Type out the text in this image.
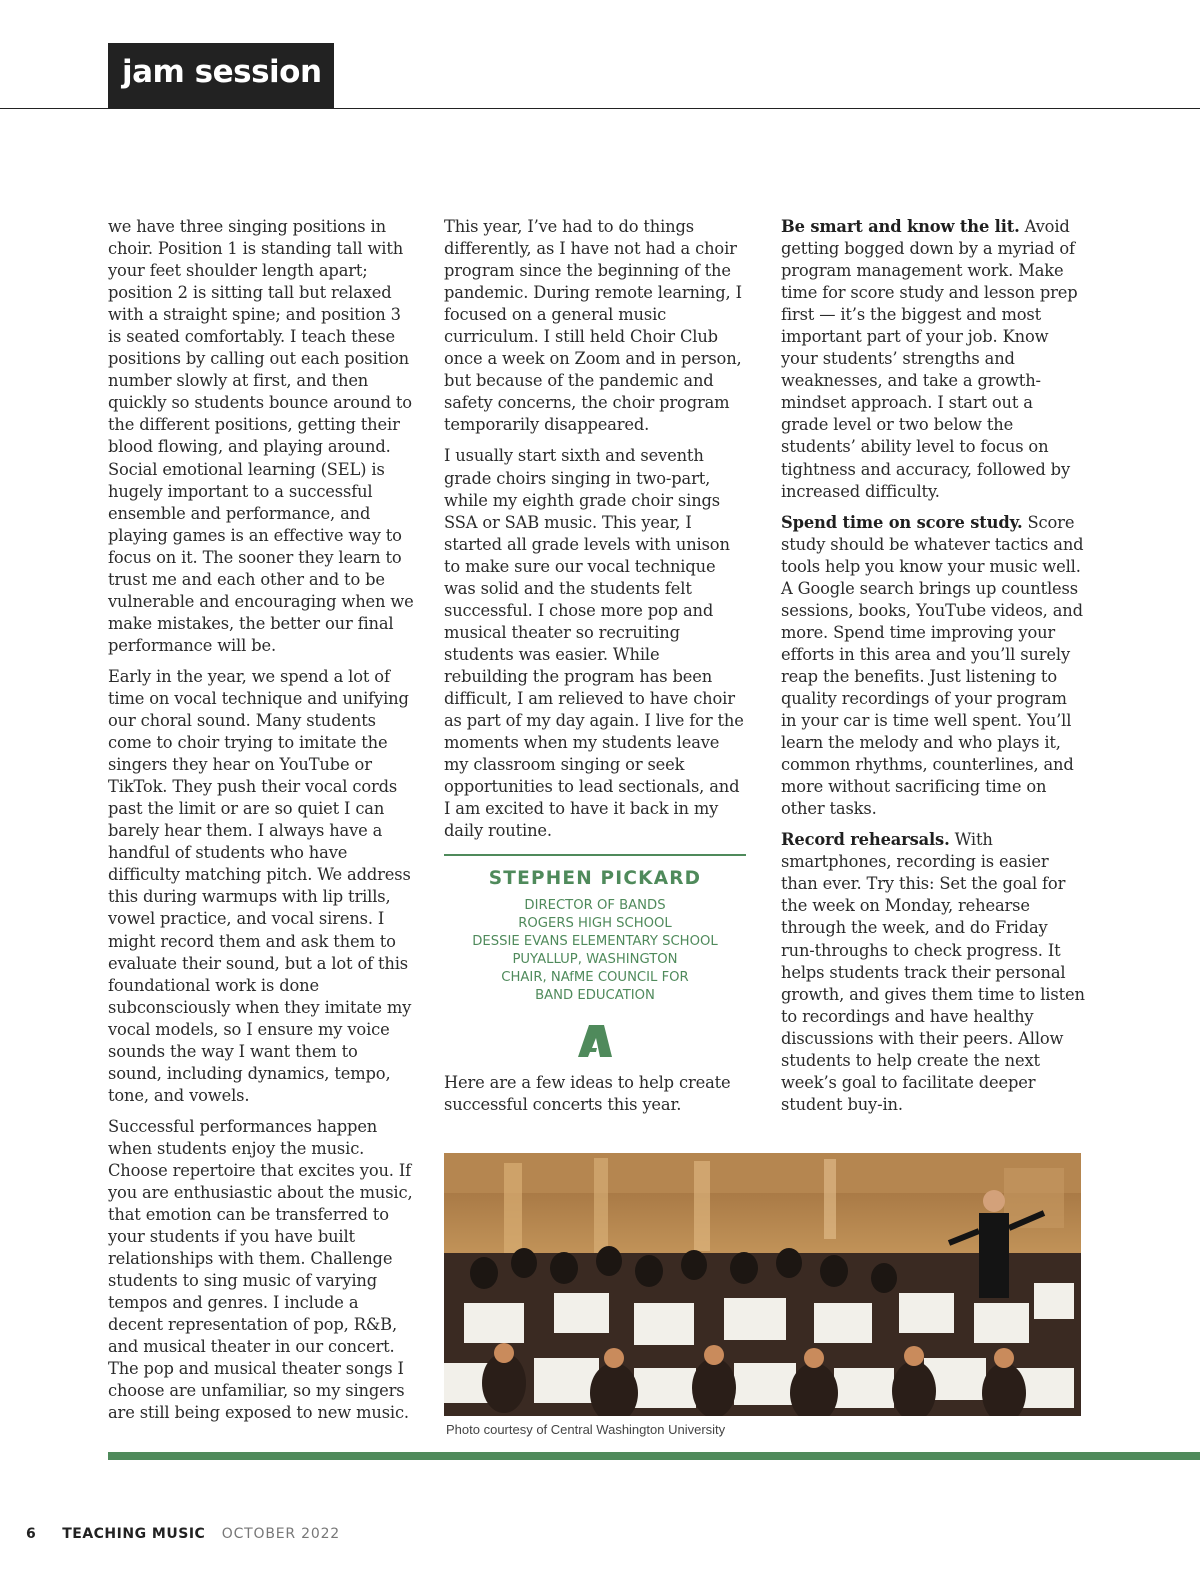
jam session

we have three singing positions in choir. Position 1 is standing tall with your feet shoulder length apart; position 2 is sitting tall but relaxed with a straight spine; and position 3 is seated comfortably. I teach these positions by calling out each position number slowly at first, and then quickly so students bounce around to the different positions, getting their blood flowing, and playing around. Social emotional learning (SEL) is hugely important to a successful ensemble and performance, and playing games is an effective way to focus on it. The sooner they learn to trust me and each other and to be vulnerable and encouraging when we make mistakes, the better our final performance will be.

Early in the year, we spend a lot of time on vocal technique and unifying our choral sound. Many students come to choir trying to imitate the singers they hear on YouTube or TikTok. They push their vocal cords past the limit or are so quiet I can barely hear them. I always have a handful of students who have difficulty matching pitch. We address this during warmups with lip trills, vowel practice, and vocal sirens. I might record them and ask them to evaluate their sound, but a lot of this foundational work is done subconsciously when they imitate my vocal models, so I ensure my voice sounds the way I want them to sound, including dynamics, tempo, tone, and vowels.

Successful performances happen when students enjoy the music. Choose repertoire that excites you. If you are enthusiastic about the music, that emotion can be transferred to your students if you have built relationships with them. Challenge students to sing music of varying tempos and genres. I include a decent representation of pop, R&B, and musical theater in our concert. The pop and musical theater songs I choose are unfamiliar, so my singers are still being exposed to new music.

This year, I’ve had to do things differently, as I have not had a choir program since the beginning of the pandemic. During remote learning, I focused on a general music curriculum. I still held Choir Club once a week on Zoom and in person, but because of the pandemic and safety concerns, the choir program temporarily disappeared.

I usually start sixth and seventh grade choirs singing in two-part, while my eighth grade choir sings SSA or SAB music. This year, I started all grade levels with unison to make sure our vocal technique was solid and the students felt successful. I chose more pop and musical theater so recruiting students was easier. While rebuilding the program has been difficult, I am relieved to have choir as part of my day again. I live for the moments when my students leave my classroom singing or seek opportunities to lead sectionals, and I am excited to have it back in my daily routine.

STEPHEN PICKARD
DIRECTOR OF BANDS
ROGERS HIGH SCHOOL
DESSIE EVANS ELEMENTARY SCHOOL
PUYALLUP, WASHINGTON
CHAIR, NAfME COUNCIL FOR
BAND EDUCATION
Here are a few ideas to help create successful concerts this year.

Be smart and know the lit. Avoid getting bogged down by a myriad of program management work. Make time for score study and lesson prep first — it’s the biggest and most important part of your job. Know your students’ strengths and weaknesses, and take a growth-mindset approach. I start out a grade level or two below the students’ ability level to focus on tightness and accuracy, followed by increased difficulty.

Spend time on score study. Score study should be whatever tactics and tools help you know your music well. A Google search brings up countless sessions, books, YouTube videos, and more. Spend time improving your efforts in this area and you’ll surely reap the benefits. Just listening to quality recordings of your program in your car is time well spent. You’ll learn the melody and who plays it, common rhythms, counterlines, and more without sacrificing time on other tasks.

Record rehearsals. With smartphones, recording is easier than ever. Try this: Set the goal for the week on Monday, rehearse through the week, and do Friday run-throughs to check progress. It helps students track their personal growth, and gives them time to listen to recordings and have healthy discussions with their peers. Allow students to help create the next week’s goal to facilitate deeper student buy-in.

Photo courtesy of Central Washington University
6 TEACHING MUSIC OCTOBER 2022
